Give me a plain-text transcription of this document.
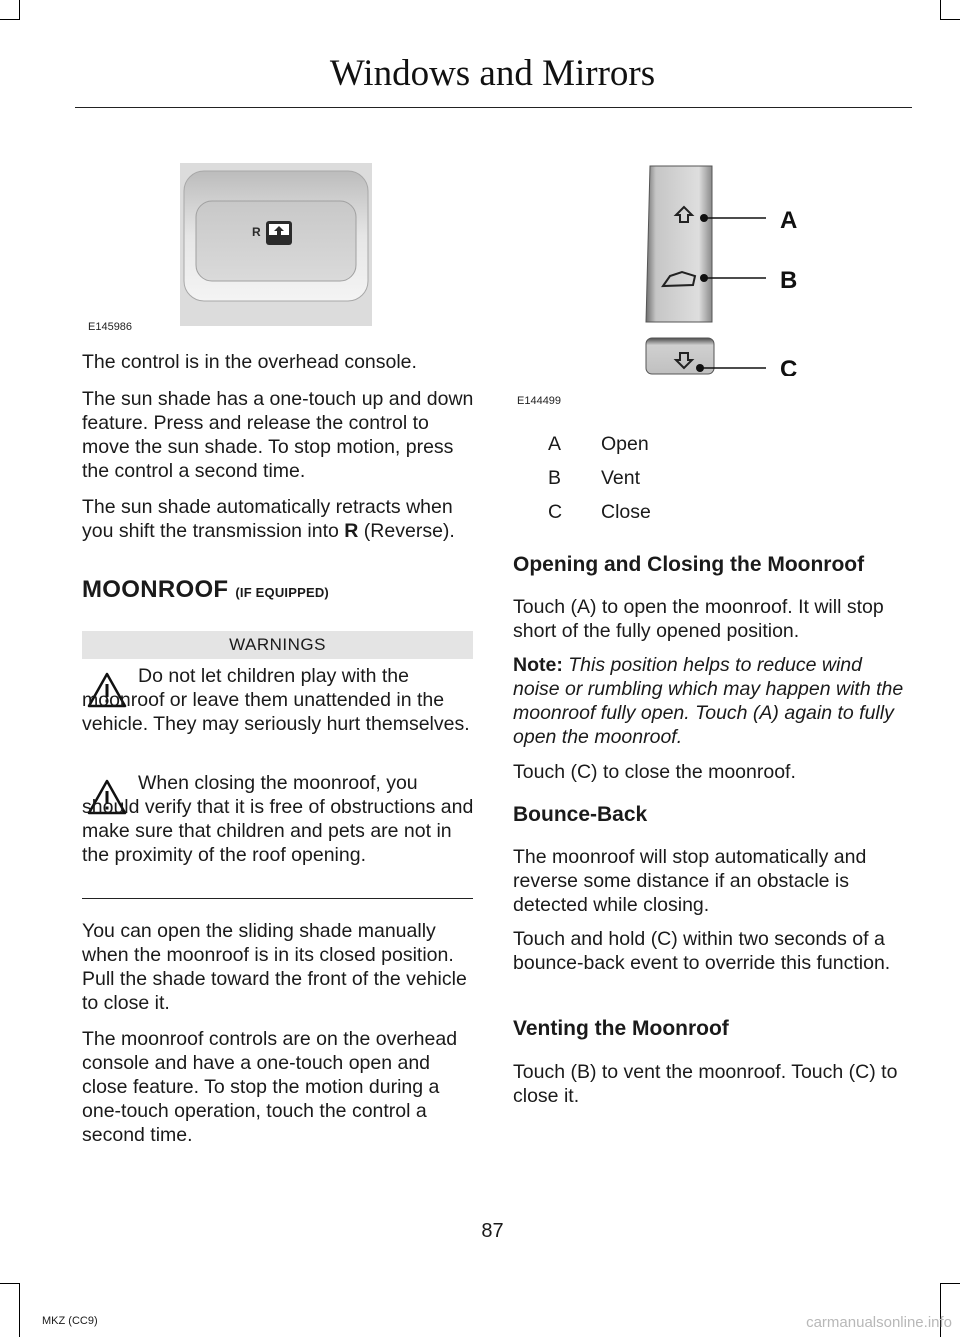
Windows and Mirrors
R
E145986
A
B
C
E144499

The control is in the overhead console.

The sun shade has a one-touch up and down feature. Press and release the control to move the sun shade. To stop motion, press the control a second time.

The sun shade automatically retracts when you shift the transmission into R (Reverse).

MOONROOF (IF EQUIPPED)
WARNINGS

Do not let children play with the moonroof or leave them unattended in the vehicle. They may seriously hurt themselves.

When closing the moonroof, you should verify that it is free of obstructions and make sure that children and pets are not in the proximity of the roof opening.

You can open the sliding shade manually when the moonroof is in its closed position. Pull the shade toward the front of the vehicle to close it.

The moonroof controls are on the overhead console and have a one-touch open and close feature. To stop the motion during a one-touch operation, touch the control a second time.

A Open
B Vent
C Close
Opening and Closing the Moonroof

Touch (A) to open the moonroof. It will stop short of the fully opened position.

Note: This position helps to reduce wind noise or rumbling which may happen with the moonroof fully open. Touch (A) again to fully open the moonroof.

Touch (C) to close the moonroof.

Bounce-Back

The moonroof will stop automatically and reverse some distance if an obstacle is detected while closing.

Touch and hold (C) within two seconds of a bounce-back event to override this function.

Venting the Moonroof

Touch (B) to vent the moonroof. Touch (C) to close it.

87
MKZ (CC9)	carmanualsonline.info
